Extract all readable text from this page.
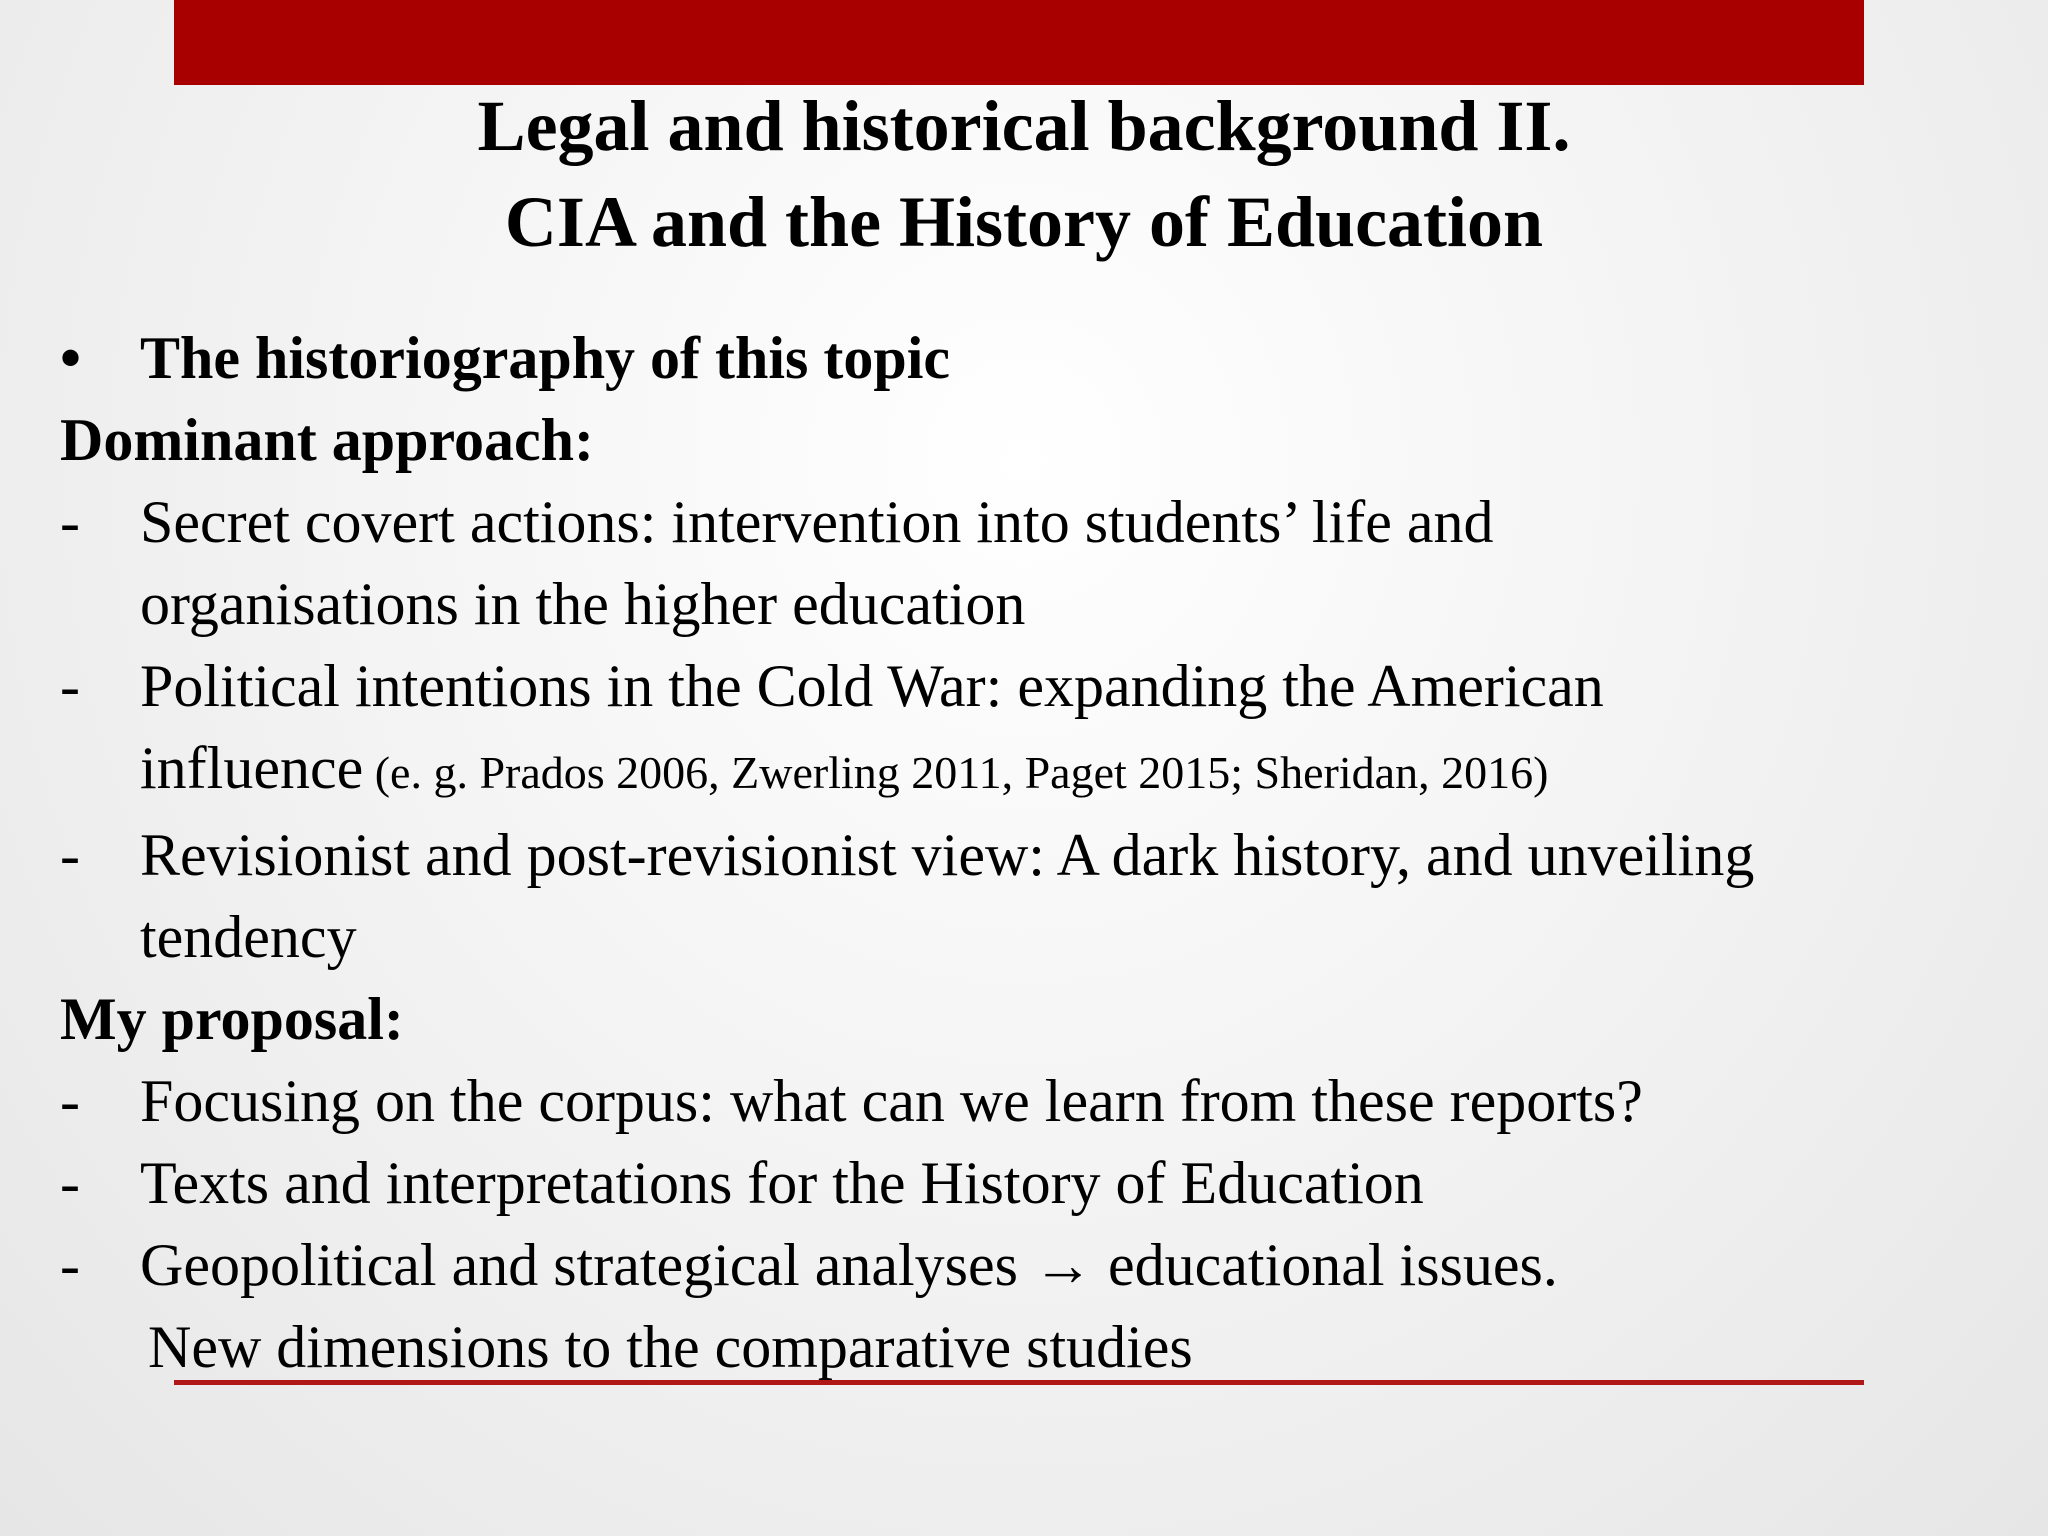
Legal and historical background II.
CIA and the History of Education
• The historiography of this topic
Dominant approach:
-	Secret covert actions: intervention into students’ life and
organisations in the higher education
-	Political intentions in the Cold War: expanding the American
influence (e. g. Prados 2006, Zwerling 2011, Paget 2015; Sheridan, 2016)
-	Revisionist and post-revisionist view: A dark history, and unveiling
tendency
My proposal:
-	Focusing on the corpus: what can we learn from these reports?
-	Texts and interpretations for the History of Education
-	Geopolitical and strategical analyses → educational issues.
New dimensions to the comparative studies
